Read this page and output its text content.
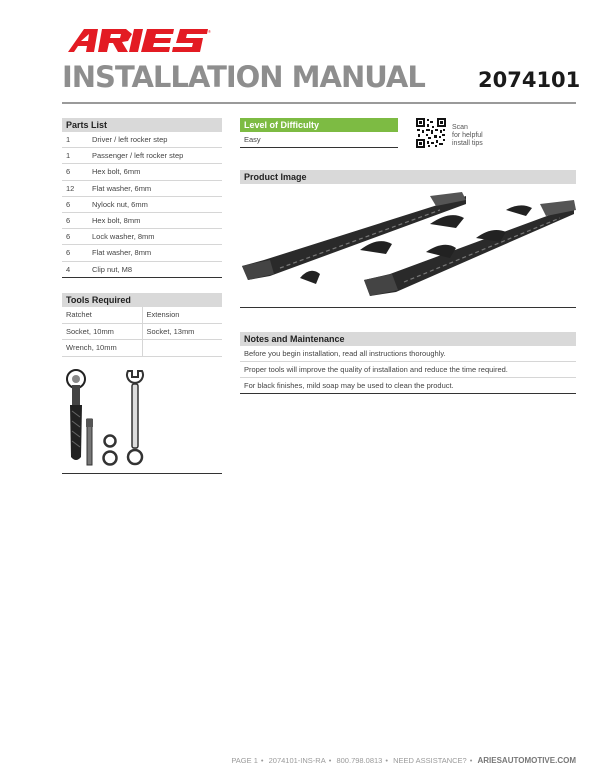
®
INSTALLATION MANUAL	2074101
Parts List
1	Driver / left rocker step
1	Passenger / left rocker step
6	Hex bolt, 6mm
12	Flat washer, 6mm
6	Nylock nut, 6mm
6	Hex bolt, 8mm
6	Lock washer, 8mm
6	Flat washer, 8mm
4	Clip nut, M8
Tools Required
Ratchet	Extension
Socket, 10mm	Socket, 13mm
Wrench, 10mm	
Level of Difficulty
Easy
Scan
for helpful
install tips
Product Image
Notes and Maintenance
Before you begin installation, read all instructions thoroughly.
Proper tools will improve the quality of installation and reduce the time required.
For black finishes, mild soap may be used to clean the product.
PAGE 1 • 2074101-INS-RA • 800.798.0813 • NEED ASSISTANCE? • ARIESAUTOMOTIVE.COM
